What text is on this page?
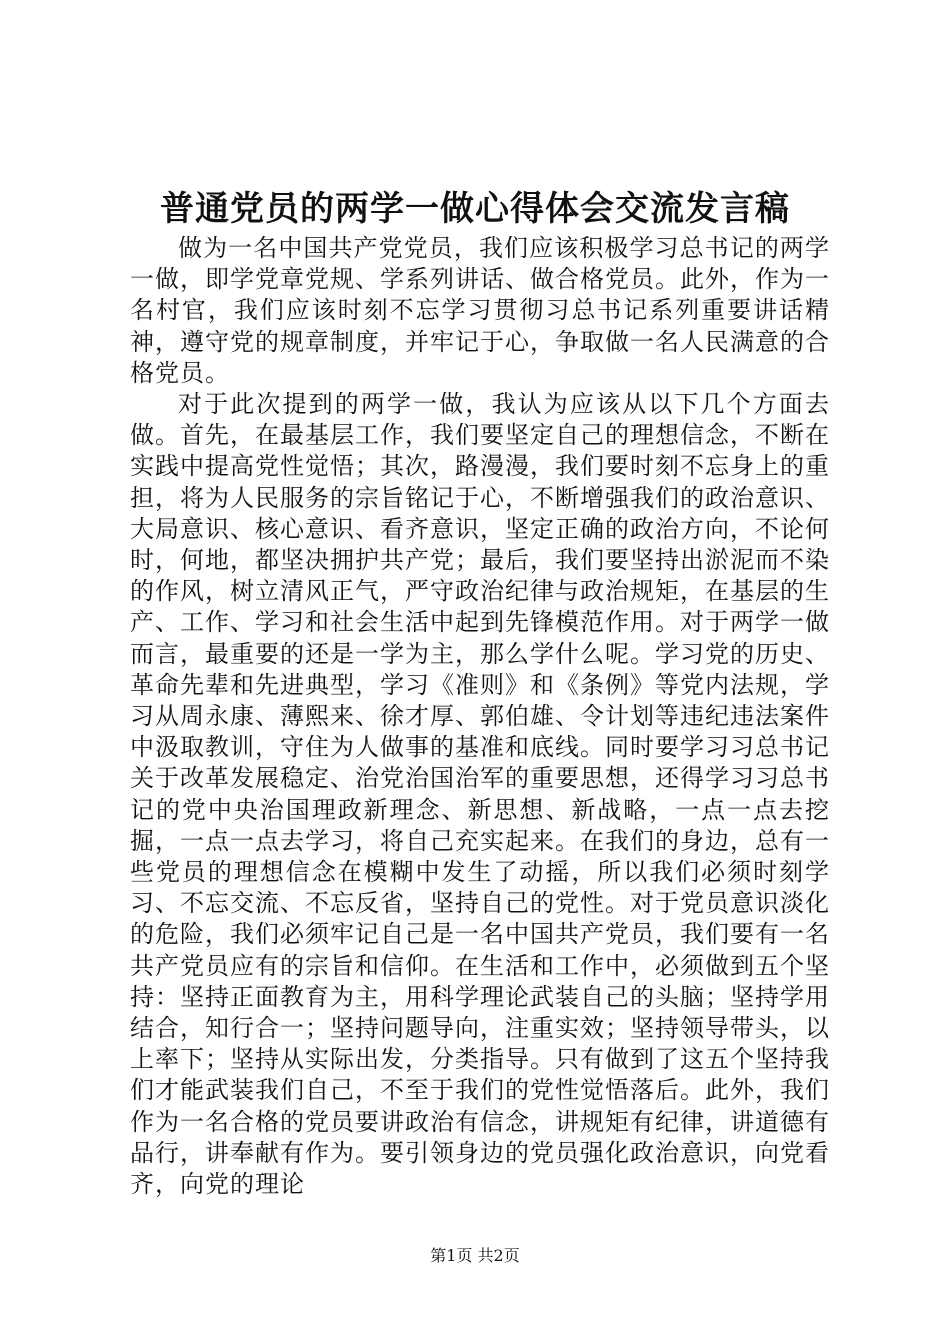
普通党员的两学一做心得体会交流发言稿

做为一名中国共产党党员，我们应该积极学习总书记的两学一做，即学党章党规、学系列讲话、做合格党员。此外，作为一名村官，我们应该时刻不忘学习贯彻习总书记系列重要讲话精神，遵守党的规章制度，并牢记于心，争取做一名人民满意的合格党员。

对于此次提到的两学一做，我认为应该从以下几个方面去做。首先，在最基层工作，我们要坚定自己的理想信念，不断在实践中提高党性觉悟；其次，路漫漫，我们要时刻不忘身上的重担，将为人民服务的宗旨铭记于心，不断增强我们的政治意识、大局意识、核心意识、看齐意识，坚定正确的政治方向，不论何时，何地，都坚决拥护共产党；最后，我们要坚持出淤泥而不染的作风，树立清风正气，严守政治纪律与政治规矩，在基层的生产、工作、学习和社会生活中起到先锋模范作用。对于两学一做而言，最重要的还是一学为主，那么学什么呢。学习党的历史、革命先辈和先进典型，学习《准则》和《条例》等党内法规，学习从周永康、薄熙来、徐才厚、郭伯雄、令计划等违纪违法案件中汲取教训，守住为人做事的基准和底线。同时要学习习总书记关于改革发展稳定、治党治国治军的重要思想，还得学习习总书记的党中央治国理政新理念、新思想、新战略，一点一点去挖掘，一点一点去学习，将自己充实起来。在我们的身边，总有一些党员的理想信念在模糊中发生了动摇，所以我们必须时刻学习、不忘交流、不忘反省，坚持自己的党性。对于党员意识淡化的危险，我们必须牢记自己是一名中国共产党员，我们要有一名共产党员应有的宗旨和信仰。在生活和工作中，必须做到五个坚持：坚持正面教育为主，用科学理论武装自己的头脑；坚持学用结合，知行合一；坚持问题导向，注重实效；坚持领导带头，以上率下；坚持从实际出发，分类指导。只有做到了这五个坚持我们才能武装我们自己，不至于我们的党性觉悟落后。此外，我们作为一名合格的党员要讲政治有信念，讲规矩有纪律，讲道德有品行，讲奉献有作为。要引领身边的党员强化政治意识，向党看齐，向党的理论

第1页 共2页
